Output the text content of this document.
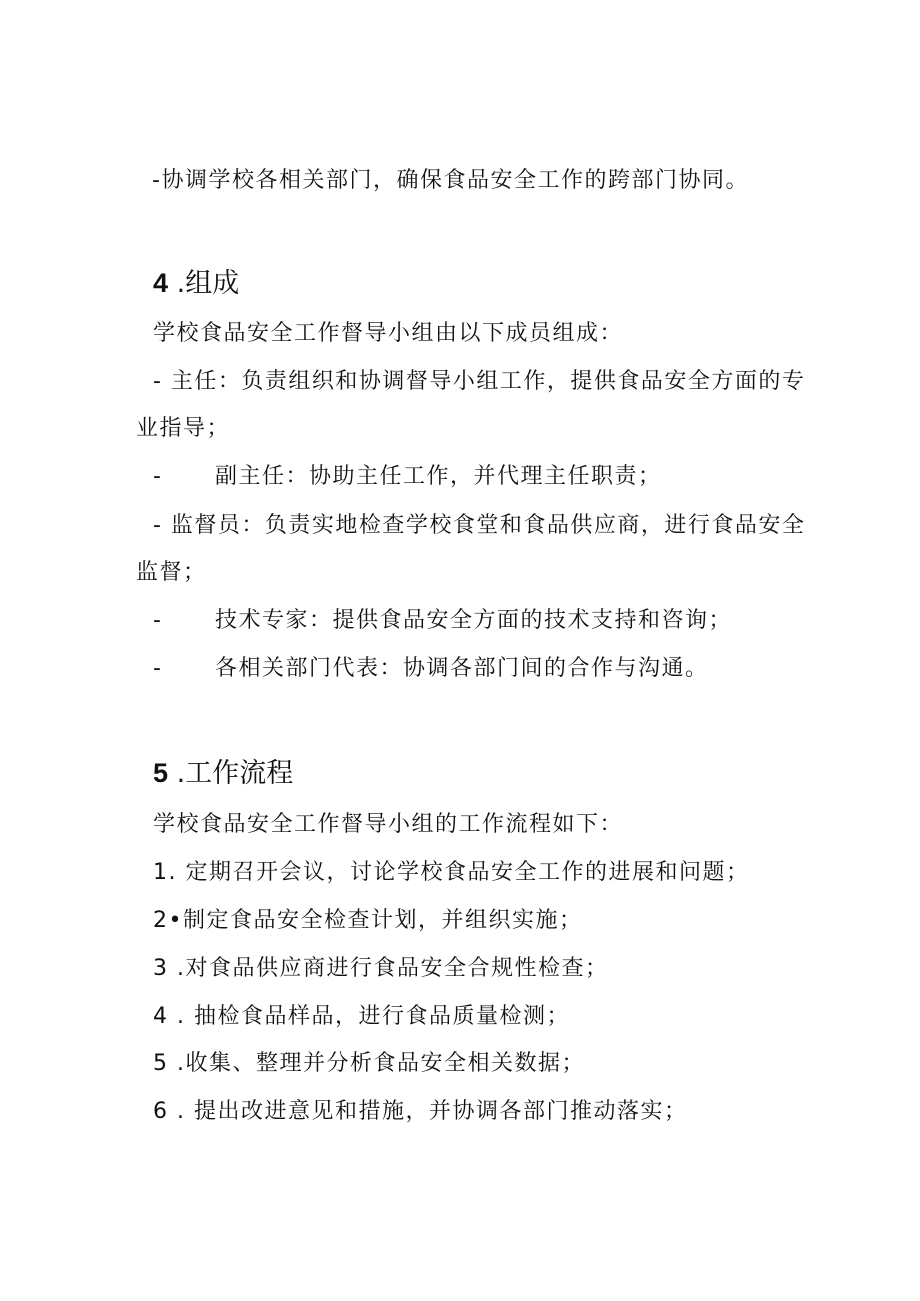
-协调学校各相关部门，确保食品安全工作的跨部门协同。
4 .组成
学校食品安全工作督导小组由以下成员组成：
- 主任：负责组织和协调督导小组工作，提供食品安全方面的专
业指导；
- 副主任：协助主任工作，并代理主任职责；
- 监督员：负责实地检查学校食堂和食品供应商，进行食品安全
监督；
- 技术专家：提供食品安全方面的技术支持和咨询；
- 各相关部门代表：协调各部门间的合作与沟通。
5 .工作流程
学校食品安全工作督导小组的工作流程如下：
1. 定期召开会议，讨论学校食品安全工作的进展和问题；
2•制定食品安全检查计划，并组织实施；
3 .对食品供应商进行食品安全合规性检查；
4 . 抽检食品样品，进行食品质量检测；
5 .收集、整理并分析食品安全相关数据；
6 . 提出改进意见和措施，并协调各部门推动落实；
